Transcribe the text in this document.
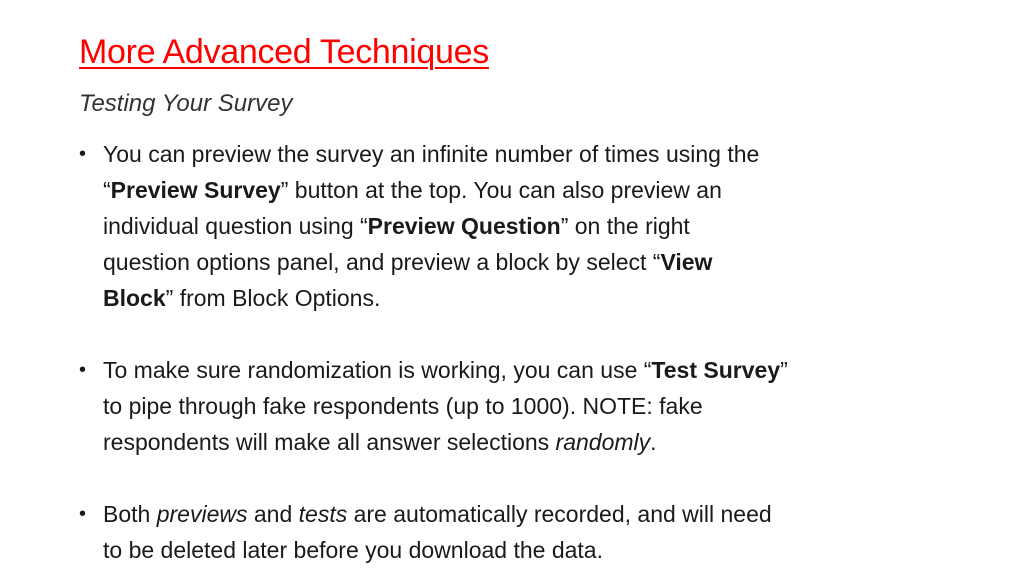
More Advanced Techniques
Testing Your Survey
• You can preview the survey an infinite number of times using the
“Preview Survey” button at the top. You can also preview an
individual question using “Preview Question” on the right
question options panel, and preview a block by select “View
Block” from Block Options.
• To make sure randomization is working, you can use “Test Survey”
to pipe through fake respondents (up to 1000). NOTE: fake
respondents will make all answer selections randomly.
• Both previews and tests are automatically recorded, and will need
to be deleted later before you download the data.
